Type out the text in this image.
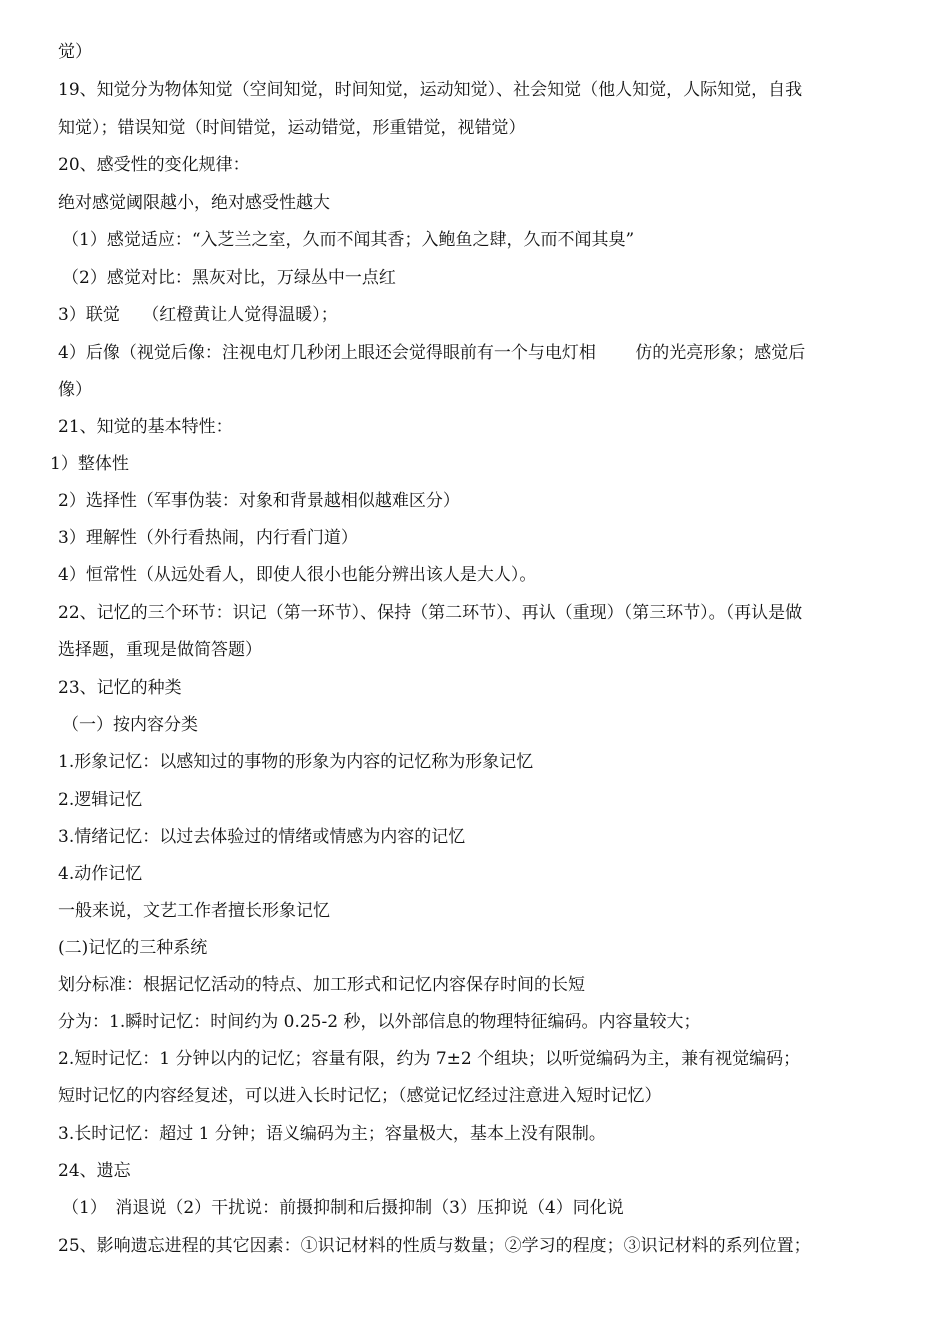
觉）
19、知觉分为物体知觉（空间知觉，时间知觉，运动知觉）、社会知觉（他人知觉，人际知觉，自我
知觉）；错误知觉（时间错觉，运动错觉，形重错觉，视错觉）
20、感受性的变化规律：
绝对感觉阈限越小，绝对感受性越大
（1）感觉适应：“入芝兰之室，久而不闻其香；入鲍鱼之肆，久而不闻其臭”
（2）感觉对比：黑灰对比，万绿丛中一点红
3）联觉　 （红橙黄让人觉得温暖）；
4）后像（视觉后像：注视电灯几秒闭上眼还会觉得眼前有一个与电灯相　　 仿的光亮形象；感觉后
像）
21、知觉的基本特性：
1）整体性
2）选择性（军事伪装：对象和背景越相似越难区分）
3）理解性（外行看热闹，内行看门道）
4）恒常性（从远处看人，即使人很小也能分辨出该人是大人）。
22、记忆的三个环节：识记（第一环节）、保持（第二环节）、再认（重现）（第三环节）。（再认是做
选择题，重现是做简答题）
23、记忆的种类
（一）按内容分类
1.形象记忆：以感知过的事物的形象为内容的记忆称为形象记忆
2.逻辑记忆
3.情绪记忆：以过去体验过的情绪或情感为内容的记忆
4.动作记忆
一般来说，文艺工作者擅长形象记忆
(二)记忆的三种系统
划分标准：根据记忆活动的特点、加工形式和记忆内容保存时间的长短
分为：1.瞬时记忆：时间约为 0.25-2 秒，以外部信息的物理特征编码。内容量较大；
2.短时记忆：1 分钟以内的记忆；容量有限，约为 7±2 个组块；以听觉编码为主，兼有视觉编码；
短时记忆的内容经复述，可以进入长时记忆；（感觉记忆经过注意进入短时记忆）
3.长时记忆：超过 1 分钟；语义编码为主；容量极大，基本上没有限制。
24、遗忘
（1）　消退说（2）干扰说：前摄抑制和后摄抑制（3）压抑说（4）同化说
25、影响遗忘进程的其它因素：①识记材料的性质与数量；②学习的程度；③识记材料的系列位置；
